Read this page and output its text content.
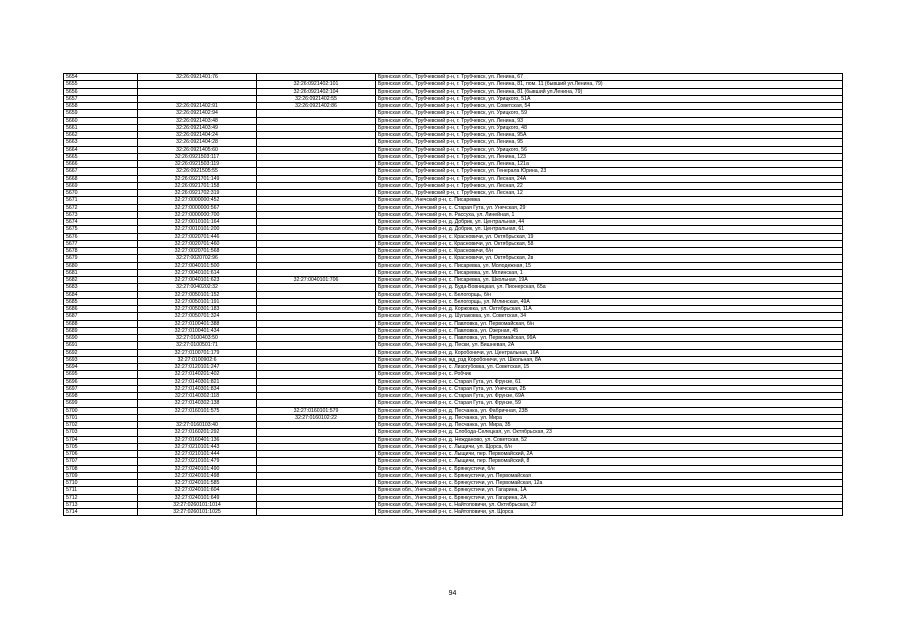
5654	32:26:0921401:76		Брянская обл., Трубчевский р-н, г. Трубчевск, ул. Ленина, 67
5655		32:26:0921402:101	Брянская обл., Трубчевский р-н, г. Трубчевск, ул. Ленина, 81, пом. 11 (бывший ул.Ленина, 79)
5656		32:26:0921402:104	Брянская обл., Трубчевский р-н, г. Трубчевск, ул. Ленина, 81 (бывший ул.Ленина, 79)
5657		32:26:0921402:55	Брянская обл., Трубчевский р-н, г. Трубчевск, ул. Урицкого, 51А
5658	32:26:0921402:91	32:26:0921402:86	Брянская обл., Трубчевский р-н, г. Трубчевск, ул. Советская, 54
5659	32:26:0921402:94		Брянская обл., Трубчевский р-н, г. Трубчевск, ул. Урицкого, 59
5660	32:26:0921403:48		Брянская обл., Трубчевский р-н, г. Трубчевск, ул. Ленина, 93
5661	32:26:0921403:49		Брянская обл., Трубчевский р-н, г. Трубчевск, ул. Урицкого, 48
5662	32:26:0921404:24		Брянская обл., Трубчевский р-н, г. Трубчевск, ул. Ленина, 95А
5663	32:26:0921404:28		Брянская обл., Трубчевский р-н, г. Трубчевск, ул. Ленина, 95
5664	32:26:0921405:60		Брянская обл., Трубчевский р-н, г. Трубчевск, ул. Урицкого, 56
5665	32:26:0921503:117		Брянская обл., Трубчевский р-н, г. Трубчевск, ул. Ленина, 123
5666	32:26:0921503:119		Брянская обл., Трубчевский р-н, г. Трубчевск, ул. Ленина, 121а
5667	32:26:0921505:55		Брянская обл., Трубчевский р-н, г. Трубчевск, ул. Генерала Юрина, 23
5668	32:26:0921701:149		Брянская обл., Трубчевский р-н, г. Трубчевск, ул. Лесная, 24А
5669	32:26:0921701:158		Брянская обл., Трубчевский р-н, г. Трубчевск, ул. Лесная, 22
5670	32:26:0921702:319		Брянская обл., Трубчевский р-н, г. Трубчевск, ул. Лесная, 12
5671	32:27:0000000:452		Брянская обл., Унечский р-н, с. Писаревка
5672	32:27:0000000:567		Брянская обл., Унечский р-н, с. Старая Гута, ул. Унечская, 29
5673	32:27:0000000:700		Брянская обл., Унечский р-н, п. Рассуха, ул. Линейная, 1
5674	32:27:0010101:164		Брянская обл., Унечский р-н, д. Добрик, ул. Центральная, 44
5675	32:27:0010101:200		Брянская обл., Унечский р-н, д. Добрик, ул. Центральная, 61
5676	32:27:0020701:446		Брянская обл., Унечский р-н, с. Красновичи, ул. Октябрьская, 19
5677	32:27:0020701:460		Брянская обл., Унечский р-н, с. Красновичи, ул. Октябрьская, 58
5678	32:27:0020701:568		Брянская обл., Унечский р-н, с. Красновичи, б/н
5679	32:27:0020702:96		Брянская обл., Унечский р-н, с. Красновичи, ул. Октябрьская, 2в
5680	32:27:0040101:500		Брянская обл., Унечский р-н, с. Писаревка, ул. Молодежная, 15
5681	32:27:0040101:614		Брянская обл., Унечский р-н, с. Писаревка, ул. Мглинская, 1
5682	32:27:0040101:623	32:27:0040101:706	Брянская обл., Унечский р-н, с. Писаревка, ул. Школьная, 19А
5683	32:27:0040202:32		Брянская обл., Унечский р-н, д. Буда-Вовницкая, ул. Пионерская, 65а
5684	32:27:0050101:152		Брянская обл., Унечский р-н, с. Белогорщь, б/н
5685	32:27:0050101:191		Брянская обл., Унечский р-н, с. Белогорщь, ул. Мглинская, 49А
5686	32:27:0050301:183		Брянская обл., Унечский р-н, д. Коржовка, ул. Октябрьская, 11А
5687	32:27:0050701:324		Брянская обл., Унечский р-н, д. Шулаковка, ул. Советская, 34
5688	32:27:0100401:388		Брянская обл., Унечский р-н, с. Павловка, ул. Первомайская, б/н
5689	32:27:0100401:434		Брянская обл., Унечский р-н, с. Павловка, ул. Озерная, 45
5690	32:27:0100403:50		Брянская обл., Унечский р-н, с. Павловка, ул. Первомайская, 99А
5691	32:27:0100501:71		Брянская обл., Унечский р-н, д. Пески, ул. Вишневая, 2А
5692	32:27:0100701:179		Брянская обл., Унечский р-н, д. Коробоничи, ул. Центральная, 16А
5693	32:27:0100902:6		Брянская обл., Унечский р-н, жд_рзд Коробоничи, ул. Школьная, 8А
5694	32:27:0120101:247		Брянская обл., Унечский р-н, с. Лизогубовка, ул. Советская, 15
5695	32:27:0140201:402		Брянская обл., Унечский р-н, с. Робчик
5696	32:27:0140301:821		Брянская обл., Унечский р-н, с. Старая Гута, ул. Фрунзе, 61
5697	32:27:0140301:834		Брянская обл., Унечский р-н, с. Старая Гута, ул. Унечская, 2Б
5698	32:27:0140302:118		Брянская обл., Унечский р-н, с. Старая Гута, ул. Фрунзе, 69А
5699	32:27:0140302:138		Брянская обл., Унечский р-н, с. Старая Гута, ул. Фрунзе, 59
5700	32:27:0160101:575	32:27:0160101:579	Брянская обл., Унечский р-н, д. Песчанка, ул. Фабричная, 23В
5701		32:27:0160102:22	Брянская обл., Унечский р-н, д. Песчанка, ул. Мира
5702	32:27:0160103:40		Брянская обл., Унечский р-н, д. Песчанка, ул. Мира, 35
5703	32:27:0160201:292		Брянская обл., Унечский р-н, д. Слобода-Селецкая, ул. Октябрьская, 23
5704	32:27:0160401:136		Брянская обл., Унечский р-н, д. Нежданово, ул. Советская, 52
5705	32:27:0210101:443		Брянская обл., Унечский р-н, с. Лыщичи, ул. Щорса, б/н
5706	32:27:0210101:444		Брянская обл., Унечский р-н, с. Лыщичи, пер. Первомайский, 2А
5707	32:27:0210101:479		Брянская обл., Унечский р-н, с. Лыщичи, пер. Первомайский, 8
5708	32:27:0240101:490		Брянская обл., Унечский р-н, с. Брянкустичи, б/н
5709	32:27:0240101:498		Брянская обл., Унечский р-н, с. Брянкустичи, ул. Первомайская
5710	32:27:0240101:585		Брянская обл., Унечский р-н, с. Брянкустичи, ул. Первомайская, 12а
5711	32:27:0240101:604		Брянская обл., Унечский р-н, с. Брянкустичи, ул. Гагарина, 1А
5712	32:27:0240101:649		Брянская обл., Унечский р-н, с. Брянкустичи, ул. Гагарина, 2А
5713	32:27:0260101:1014		Брянская обл., Унечский р-н, с. Найтоповичи, ул. Октябрьская, 27
5714	32:27:0260101:1025		Брянская обл., Унечский р-н, с. Найтоповичи, ул. Щорса
94
